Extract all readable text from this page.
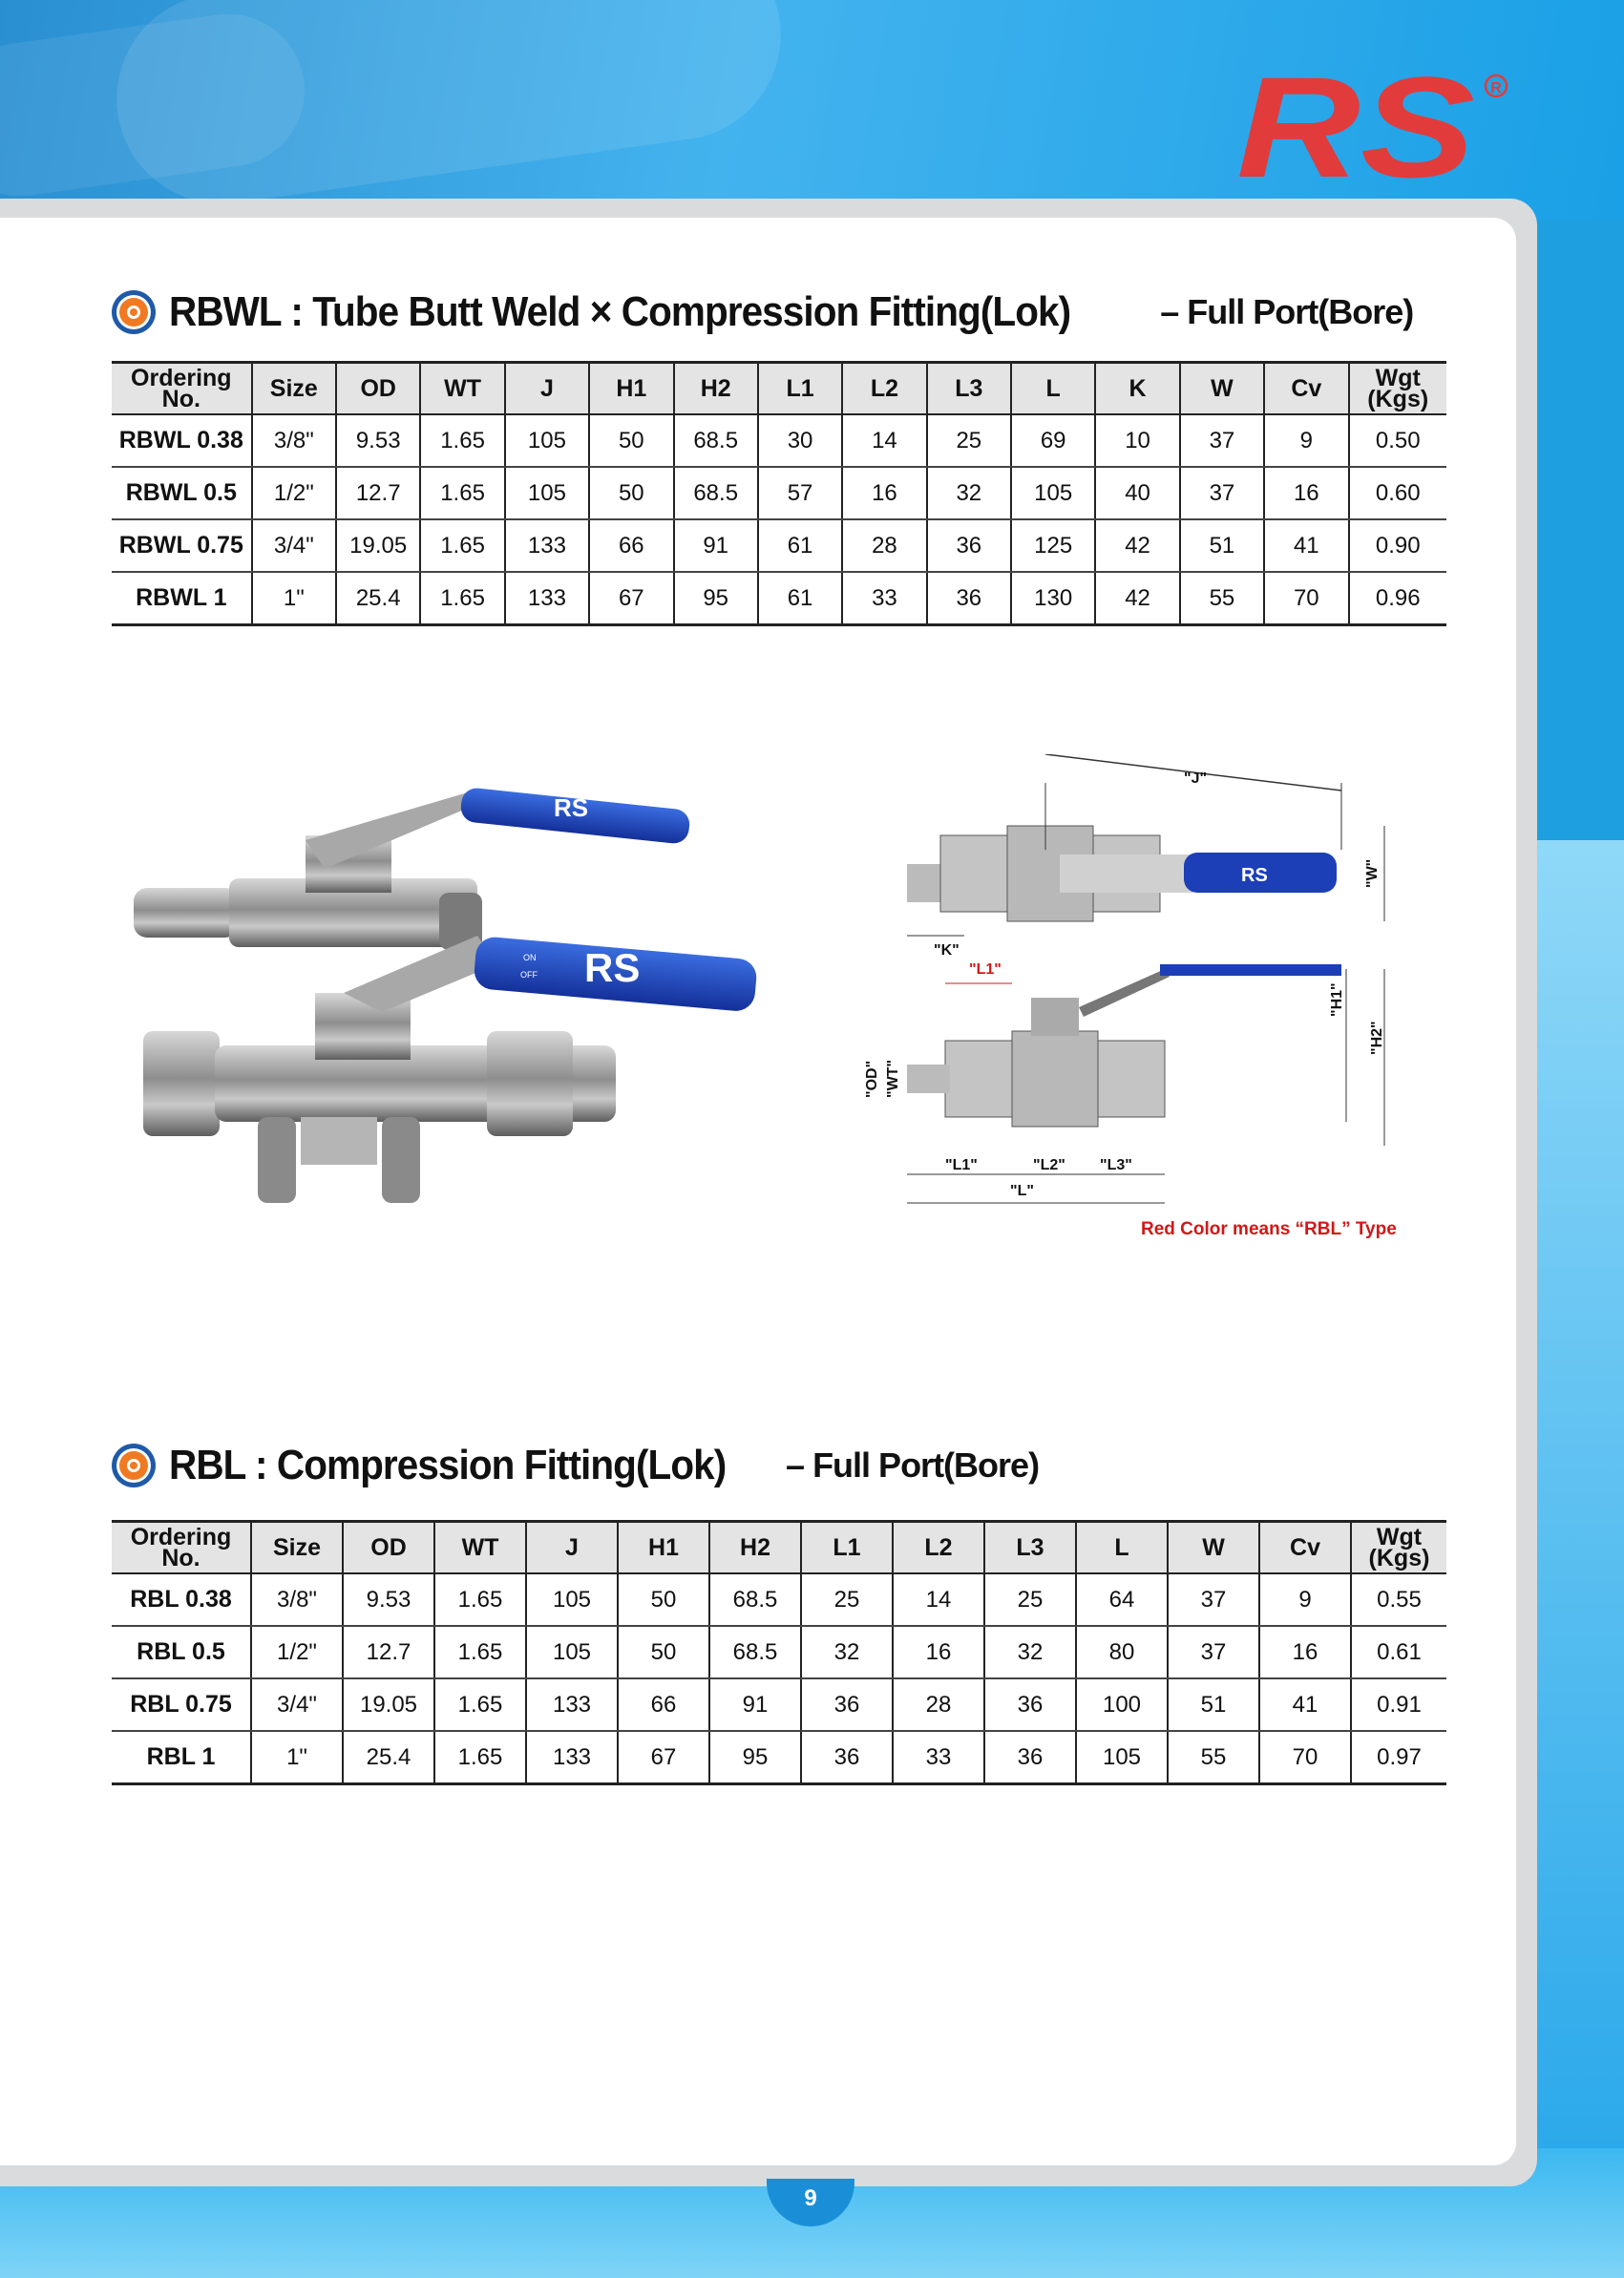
RS R
RBWL : Tube Butt Weld × Compression Fitting(Lok)	– Full Port(Bore)
Ordering
No.	Size	OD	WT	J	H1	H2	L1	L2	L3	L	K	W	Cv	Wgt
(Kgs)
RBWL 0.38	3/8"	9.53	1.65	105	50	68.5	30	14	25	69	10	37	9	0.50
RBWL 0.5	1/2"	12.7	1.65	105	50	68.5	57	16	32	105	40	37	16	0.60
RBWL 0.75	3/4"	19.05	1.65	133	66	91	61	28	36	125	42	51	41	0.90
RBWL 1	1"	25.4	1.65	133	67	95	61	33	36	130	42	55	70	0.96
RS
RS
ON
OFF
RS
"J"
"W"
"K"
"L1"
"H1"
"H2"
"OD" "WT"
"L1"	"L2" "L3"
"L"
Red Color means “RBL” Type
RBL : Compression Fitting(Lok) – Full Port(Bore)
Ordering
No.	Size	OD	WT	J	H1	H2	L1	L2	L3	L	W	Cv	Wgt
(Kgs)
RBL 0.38	3/8"	9.53	1.65	105	50	68.5	25	14	25	64	37	9	0.55
RBL 0.5	1/2"	12.7	1.65	105	50	68.5	32	16	32	80	37	16	0.61
RBL 0.75	3/4"	19.05	1.65	133	66	91	36	28	36	100	51	41	0.91
RBL 1	1"	25.4	1.65	133	67	95	36	33	36	105	55	70	0.97
9
